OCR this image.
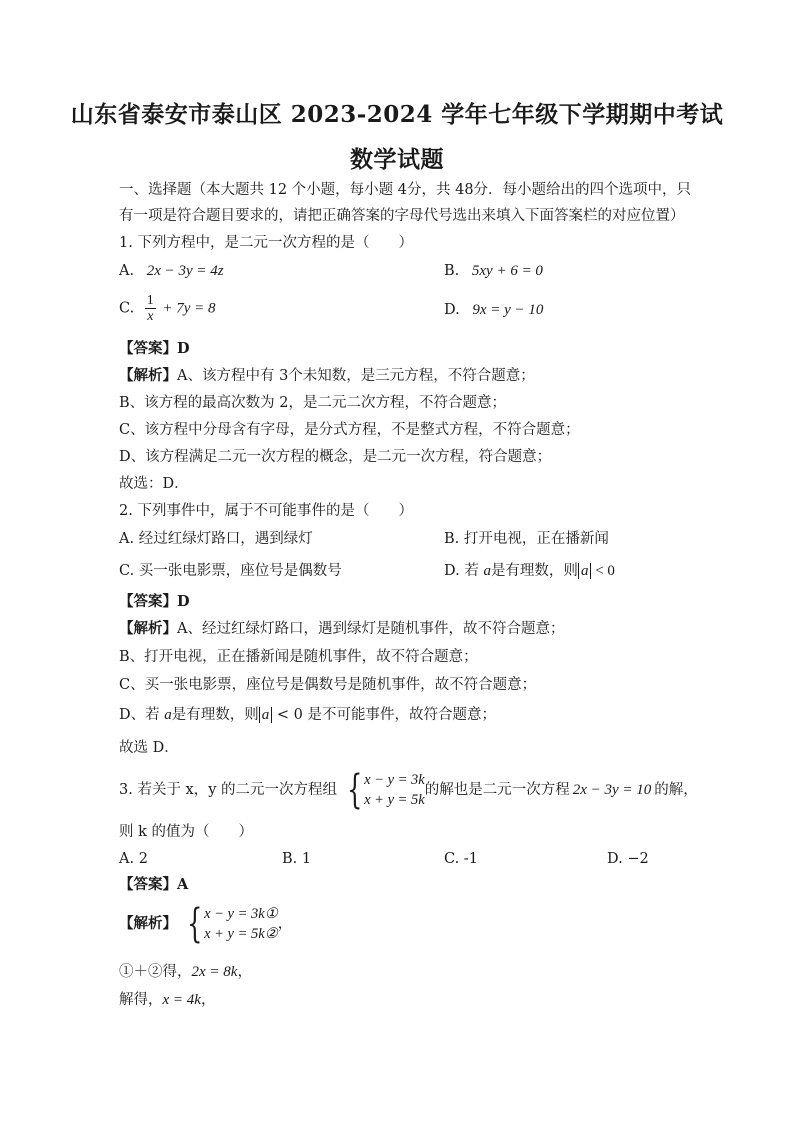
山东省泰安市泰山区 2023-2024 学年七年级下学期期中考试
数学试题
一、选择题（本大题共 12 个小题，每小题 4分，共 48分．每小题给出的四个选项中，只
有一项是符合题目要求的，请把正确答案的字母代号选出来填入下面答案栏的对应位置）
1. 下列方程中，是二元一次方程的是（　　）
A. 2x − 3y = 4z	B. 5xy + 6 = 0
C. $\frac{1}{x} + 7y = 8$	D. 9x = y − 10
【答案】D
【解析】A、该方程中有 3个未知数，是三元方程，不符合题意；
B、该方程的最高次数为 2，是二元二次方程，不符合题意；
C、该方程中分母含有字母，是分式方程，不是整式方程，不符合题意；
D、该方程满足二元一次方程的概念，是二元一次方程，符合题意；
故选：D．
2. 下列事件中，属于不可能事件的是（　　）
A. 经过红绿灯路口，遇到绿灯	B. 打开电视，正在播新闻
C. 买一张电影票，座位号是偶数号	D. 若 a是有理数，则 a < 0
【答案】D
【解析】A、经过红绿灯路口，遇到绿灯是随机事件，故不符合题意；
B、打开电视，正在播新闻是随机事件，故不符合题意；
C、买一张电影票，座位号是偶数号是随机事件，故不符合题意；
D、若 a是有理数，则 a < 0 是不可能事件，故符合题意；
故选 D．
3. 若关于 x，y 的二元一次方程组 { x − y = 3k
x + y = 5k
的解也是二元一次方程 2x − 3y = 10 的解，
则 k 的值为（　　）
A. 2	B. 1	C. -1	D. −2
【答案】A
【解析】 { x − y = 3k①
x + y = 5k②
，
①＋②得，2x = 8k，
解得，x = 4k，
